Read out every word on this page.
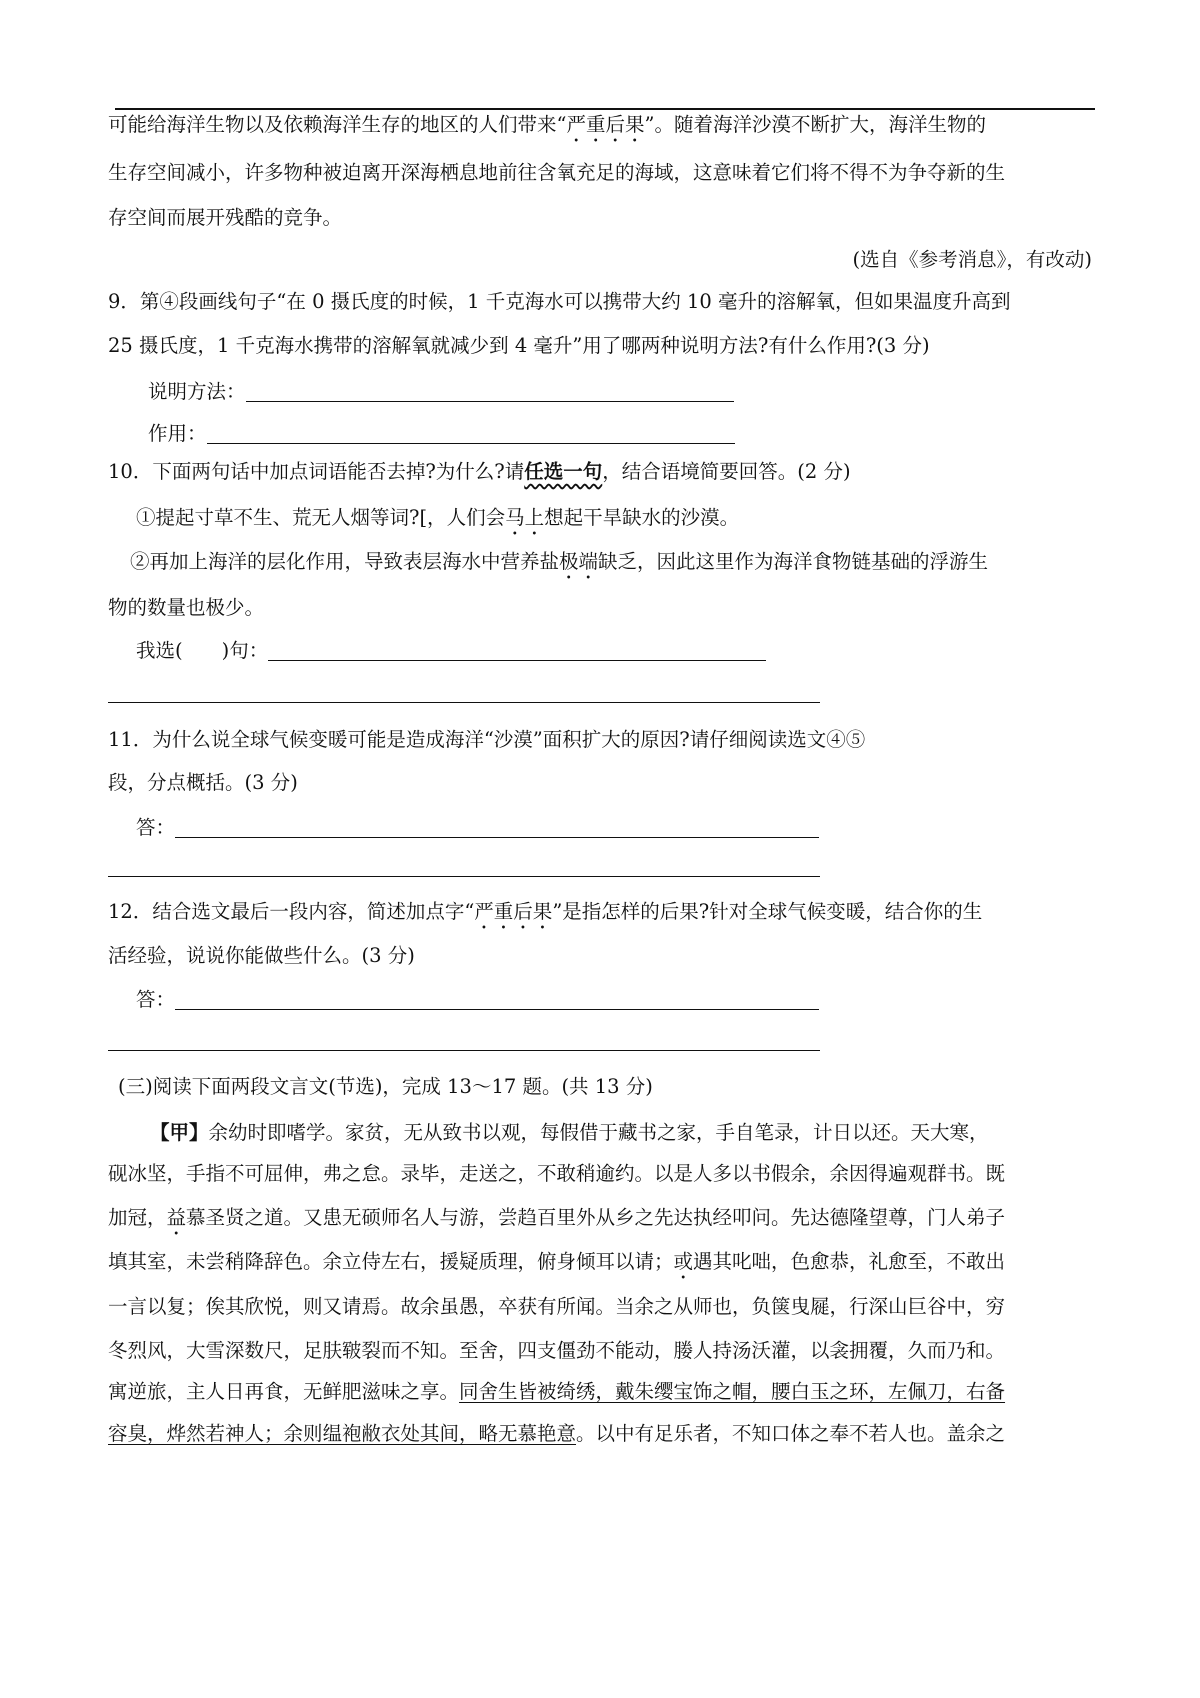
可能给海洋生物以及依赖海洋生存的地区的人们带来“严重后果”。随着海洋沙漠不断扩大，海洋生物的
生存空间减小，许多物种被迫离开深海栖息地前往含氧充足的海域，这意味着它们将不得不为争夺新的生
存空间而展开残酷的竞争。
(选自《参考消息》，有改动)
9．第④段画线句子“在 0 摄氏度的时候，1 千克海水可以携带大约 10 毫升的溶解氧，但如果温度升高到
25 摄氏度，1 千克海水携带的溶解氧就减少到 4 毫升”用了哪两种说明方法?有什么作用?(3 分)
说明方法：
作用：
10．下面两句话中加点词语能否去掉?为什么?请任选一句，结合语境简要回答。(2 分)
①提起寸草不生、荒无人烟等词?[，人们会马上想起干旱缺水的沙漠。
②再加上海洋的层化作用，导致表层海水中营养盐极端缺乏，因此这里作为海洋食物链基础的浮游生
物的数量也极少。
我选(　　)句：
11．为什么说全球气候变暖可能是造成海洋“沙漠”面积扩大的原因?请仔细阅读选文④⑤
段，分点概括。(3 分)
答：
12．结合选文最后一段内容，简述加点字“严重后果”是指怎样的后果?针对全球气候变暖，结合你的生
活经验，说说你能做些什么。(3 分)
答：
(三)阅读下面两段文言文(节选)，完成 13～17 题。(共 13 分)
【甲】余幼时即嗜学。家贫，无从致书以观，每假借于藏书之家，手自笔录，计日以还。天大寒，
砚冰坚，手指不可屈伸，弗之怠。录毕，走送之，不敢稍逾约。以是人多以书假余，余因得遍观群书。既
加冠，益慕圣贤之道。又患无硕师名人与游，尝趋百里外从乡之先达执经叩问。先达德隆望尊，门人弟子
填其室，未尝稍降辞色。余立侍左右，援疑质理，俯身倾耳以请；或遇其叱咄，色愈恭，礼愈至，不敢出
一言以复；俟其欣悦，则又请焉。故余虽愚，卒获有所闻。当余之从师也，负箧曳屣，行深山巨谷中，穷
冬烈风，大雪深数尺，足肤皲裂而不知。至舍，四支僵劲不能动，媵人持汤沃灌，以衾拥覆，久而乃和。
寓逆旅，主人日再食，无鲜肥滋味之享。同舍生皆被绮绣，戴朱缨宝饰之帽，腰白玉之环，左佩刀，右备
容臭，烨然若神人；余则缊袍敝衣处其间，略无慕艳意。以中有足乐者，不知口体之奉不若人也。盖余之
